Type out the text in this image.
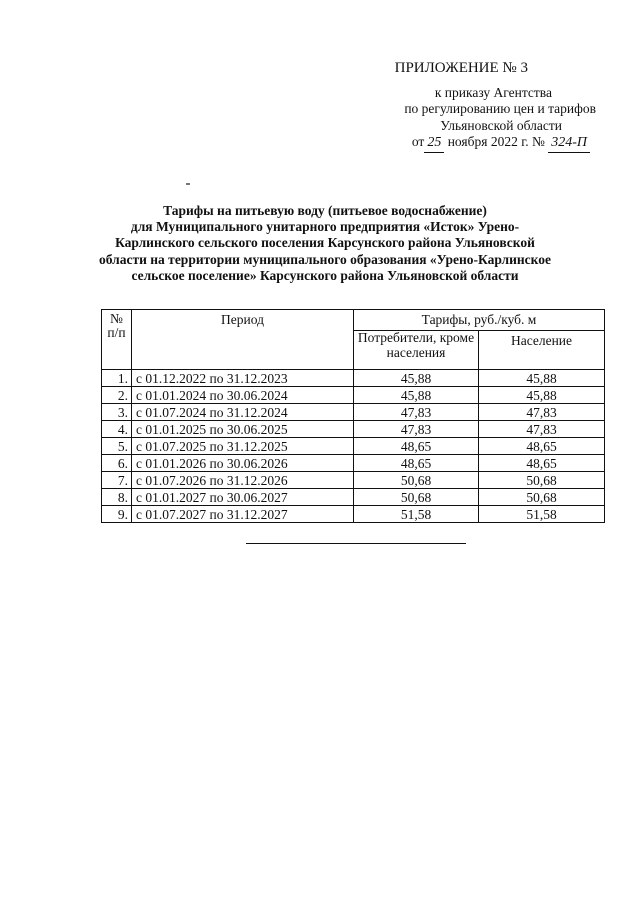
ПРИЛОЖЕНИЕ № 3
к приказу Агентства
по регулированию цен и тарифов
Ульяновской области
от 25 ноября 2022 г. № 324-П
Тарифы на питьевую воду (питьевое водоснабжение)
для Муниципального унитарного предприятия «Исток» Урено-
Карлинского сельского поселения Карсунского района Ульяновской
области на территории муниципального образования «Урено-Карлинское
сельское поселение» Карсунского района Ульяновской области
№
п/п	Период	Тарифы, руб./куб. м	
		Потребители, кроме населения	Население
1.	с 01.12.2022 по 31.12.2023	45,88	45,88
2.	с 01.01.2024 по 30.06.2024	45,88	45,88
3.	с 01.07.2024 по 31.12.2024	47,83	47,83
4.	с 01.01.2025 по 30.06.2025	47,83	47,83
5.	с 01.07.2025 по 31.12.2025	48,65	48,65
6.	с 01.01.2026 по 30.06.2026	48,65	48,65
7.	с 01.07.2026 по 31.12.2026	50,68	50,68
8.	с 01.01.2027 по 30.06.2027	50,68	50,68
9.	с 01.07.2027 по 31.12.2027	51,58	51,58
